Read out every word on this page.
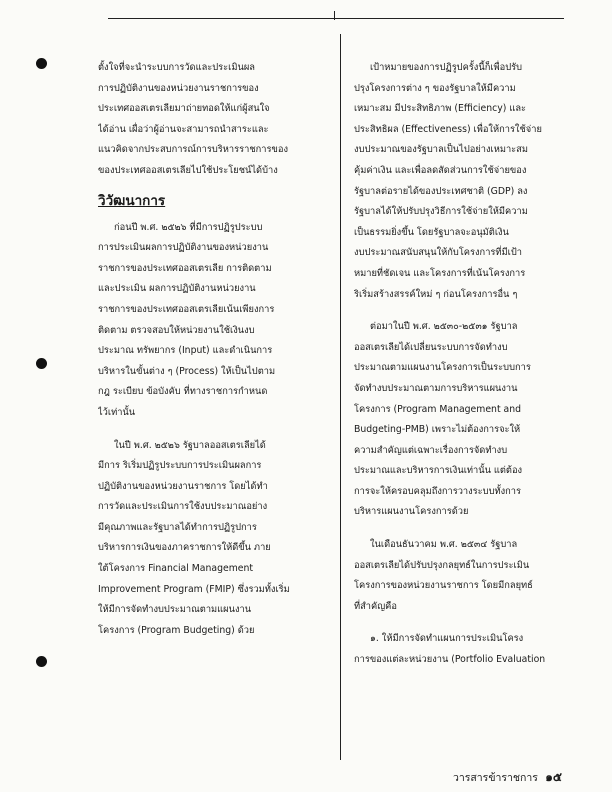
ตั้งใจที่จะนำระบบการวัดและประเมินผล
การปฏิบัติงานของหน่วยงานราชการของ
ประเทศออสเตรเลียมาถ่ายทอดให้แก่ผู้สนใจ
ได้อ่าน เผื่อว่าผู้อ่านจะสามารถนำสาระและ
แนวคิดจากประสบการณ์การบริหารราชการของ
ของประเทศออสเตรเลียไปใช้ประโยชน์ได้บ้าง
วิวัฒนาการ
ก่อนปี พ.ศ. ๒๕๒๖ ที่มีการปฏิรูประบบ
การประเมินผลการปฏิบัติงานของหน่วยงาน
ราชการของประเทศออสเตรเลีย การติดตาม
และประเมิน ผลการปฏิบัติงานหน่วยงาน
ราชการของประเทศออสเตรเลียเน้นเพียงการ
ติดตาม ตรวจสอบให้หน่วยงานใช้เงินงบ
ประมาณ ทรัพยากร (Input) และดำเนินการ
บริหารในขั้นต่าง ๆ (Process) ให้เป็นไปตาม
กฎ ระเบียบ ข้อบังคับ ที่ทางราชการกำหนด
ไว้เท่านั้น
ในปี พ.ศ. ๒๕๒๖ รัฐบาลออสเตรเลียได้
มีการ ริเริ่มปฏิรูประบบการประเมินผลการ
ปฏิบัติงานของหน่วยงานราชการ โดยได้ทำ
การวัดและประเมินการใช้งบประมาณอย่าง
มีคุณภาพและรัฐบาลได้ทำการปฏิรูปการ
บริหารการเงินของภาคราชการให้ดีขึ้น ภาย
ใต้โครงการ Financial Management
Improvement Program (FMIP) ซึ่งรวมทั้งเริ่ม
ให้มีการจัดทำงบประมาณตามแผนงาน
โครงการ (Program Budgeting) ด้วย
เป้าหมายของการปฏิรูปครั้งนี้ก็เพื่อปรับ
ปรุงโครงการต่าง ๆ ของรัฐบาลให้มีความ
เหมาะสม มีประสิทธิภาพ (Efficiency) และ
ประสิทธิผล (Effectiveness) เพื่อให้การใช้จ่าย
งบประมาณของรัฐบาลเป็นไปอย่างเหมาะสม
คุ้มค่าเงิน และเพื่อลดสัดส่วนการใช้จ่ายของ
รัฐบาลต่อรายได้ของประเทศชาติ (GDP) ลง
รัฐบาลได้ให้ปรับปรุงวิธีการใช้จ่ายให้มีความ
เป็นธรรมยิ่งขึ้น โดยรัฐบาลจะอนุมัติเงิน
งบประมาณสนับสนุนให้กับโครงการที่มีเป้า
หมายที่ชัดเจน และโครงการที่เน้นโครงการ
ริเริ่มสร้างสรรค์ใหม่ ๆ ก่อนโครงการอื่น ๆ
ต่อมาในปี พ.ศ. ๒๕๓๐-๒๕๓๑ รัฐบาล
ออสเตรเลียได้เปลี่ยนระบบการจัดทำงบ
ประมาณตามแผนงานโครงการเป็นระบบการ
จัดทำงบประมาณตามการบริหารแผนงาน
โครงการ (Program Management and
Budgeting-PMB) เพราะไม่ต้องการจะให้
ความสำคัญแต่เฉพาะเรื่องการจัดทำงบ
ประมาณและบริหารการเงินเท่านั้น แต่ต้อง
การจะให้ครอบคลุมถึงการวางระบบทั้งการ
บริหารแผนงานโครงการด้วย
ในเดือนธันวาคม พ.ศ. ๒๕๓๔ รัฐบาล
ออสเตรเลียได้ปรับปรุงกลยุทธ์ในการประเมิน
โครงการของหน่วยงานราชการ โดยมีกลยุทธ์
ที่สำคัญคือ
๑. ให้มีการจัดทำแผนการประเมินโครง
การของแต่ละหน่วยงาน (Portfolio Evaluation
วารสารข้าราชการ ๑๕
